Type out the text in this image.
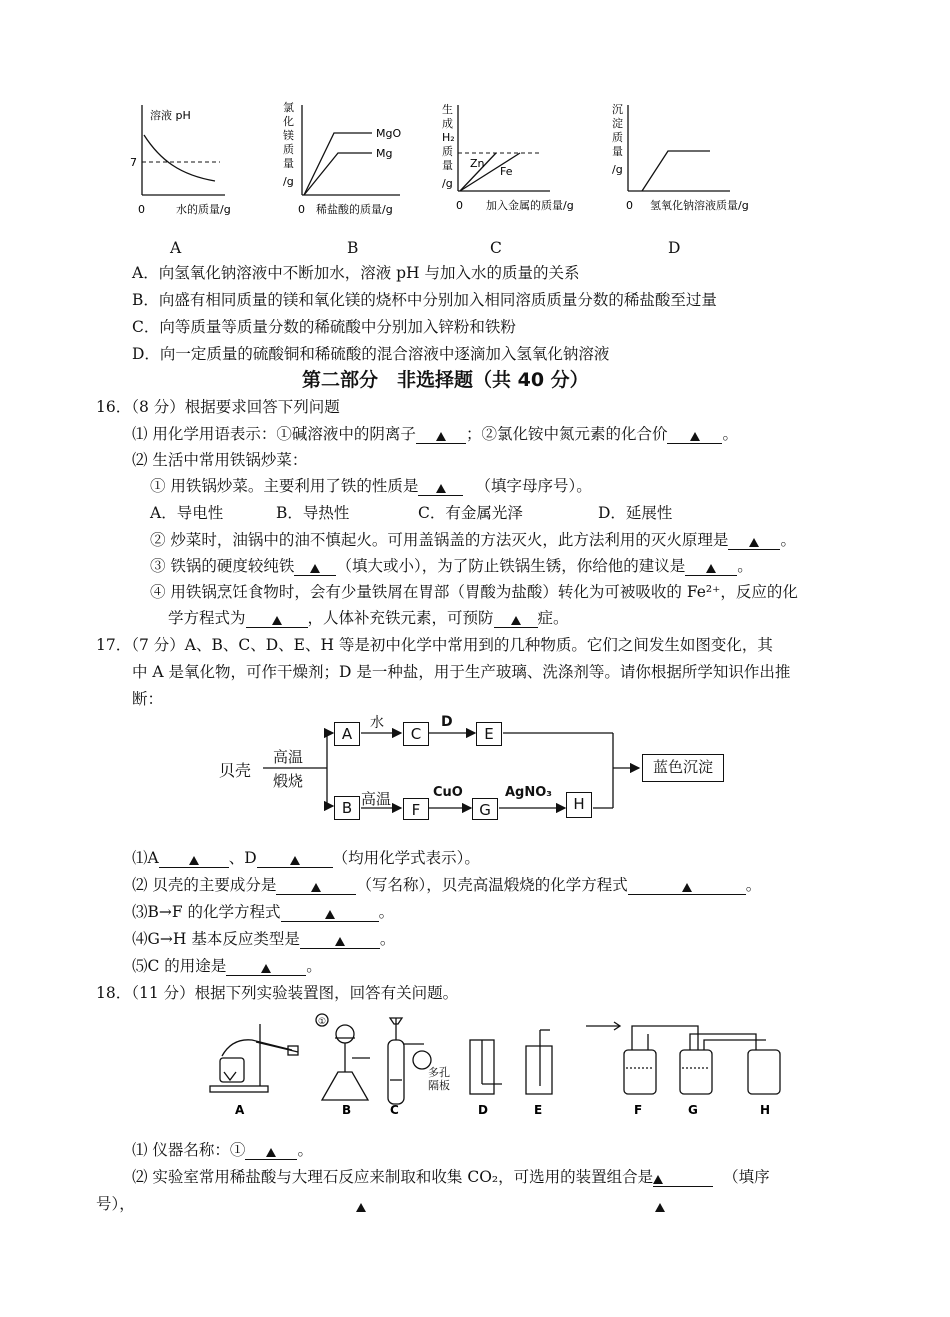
溶液 pH
7
0	水的质量/g
氯
化
镁
质
量
/g
MgO
Mg
0 稀盐酸的质量/g
生
成
H₂
质
量
/g
Zn
Fe
0 加入金属的质量/g
沉
淀
质
量
/g
0 氢氧化钠溶液质量/g
A	B	C	D
A．向氢氧化钠溶液中不断加水，溶液 pH 与加入水的质量的关系
B．向盛有相同质量的镁和氧化镁的烧杯中分别加入相同溶质质量分数的稀盐酸至过量
C．向等质量等质量分数的稀硫酸中分别加入锌粉和铁粉
D．向一定质量的硫酸铜和稀硫酸的混合溶液中逐滴加入氢氧化钠溶液
第二部分　非选择题（共 40 分）
16．（8 分）根据要求回答下列问题
⑴ 用化学用语表示：①碱溶液中的阴离子	；②氯化铵中氮元素的化合价	。
⑵ 生活中常用铁锅炒菜：
① 用铁锅炒菜。主要利用了铁的性质是	（填字母序号）。
A．导电性	B．导热性	C．有金属光泽	D．延展性
② 炒菜时，油锅中的油不慎起火。可用盖锅盖的方法灭火，此方法利用的灭火原理是	。
③ 铁锅的硬度较纯铁	（填大或小），为了防止铁锅生锈，你给他的建议是	。
④ 用铁锅烹饪食物时，会有少量铁屑在胃部（胃酸为盐酸）转化为可被吸收的 Fe²⁺，反应的化
学方程式为	，人体补充铁元素，可预防	症。
17．（7 分）A、B、C、D、E、H 等是初中化学中常用到的几种物质。它们之间发生如图变化，其
中 A 是氧化物，可作干燥剂；D 是一种盐，用于生产玻璃、洗涤剂等。请你根据所学知识作出推
断：
贝壳
高温
煅烧
A	C	E
B	F	G	H
蓝色沉淀
水	D
高温	CuO	AgNO₃
⑴A	、D	（均用化学式表示）。
⑵ 贝壳的主要成分是	（写名称），贝壳高温煅烧的化学方程式	。
⑶B→F 的化学方程式	。
⑷G→H 基本反应类型是	。
⑸C 的用途是	。
18．（11 分）根据下列实验装置图，回答有关问题。
①
A	B	C	D	E	F	G	H
多孔隔板
⑴ 仪器名称：①	。
⑵ 实验室常用稀盐酸与大理石反应来制取和收集 CO₂，可选用的装置组合是	（填序
号），
